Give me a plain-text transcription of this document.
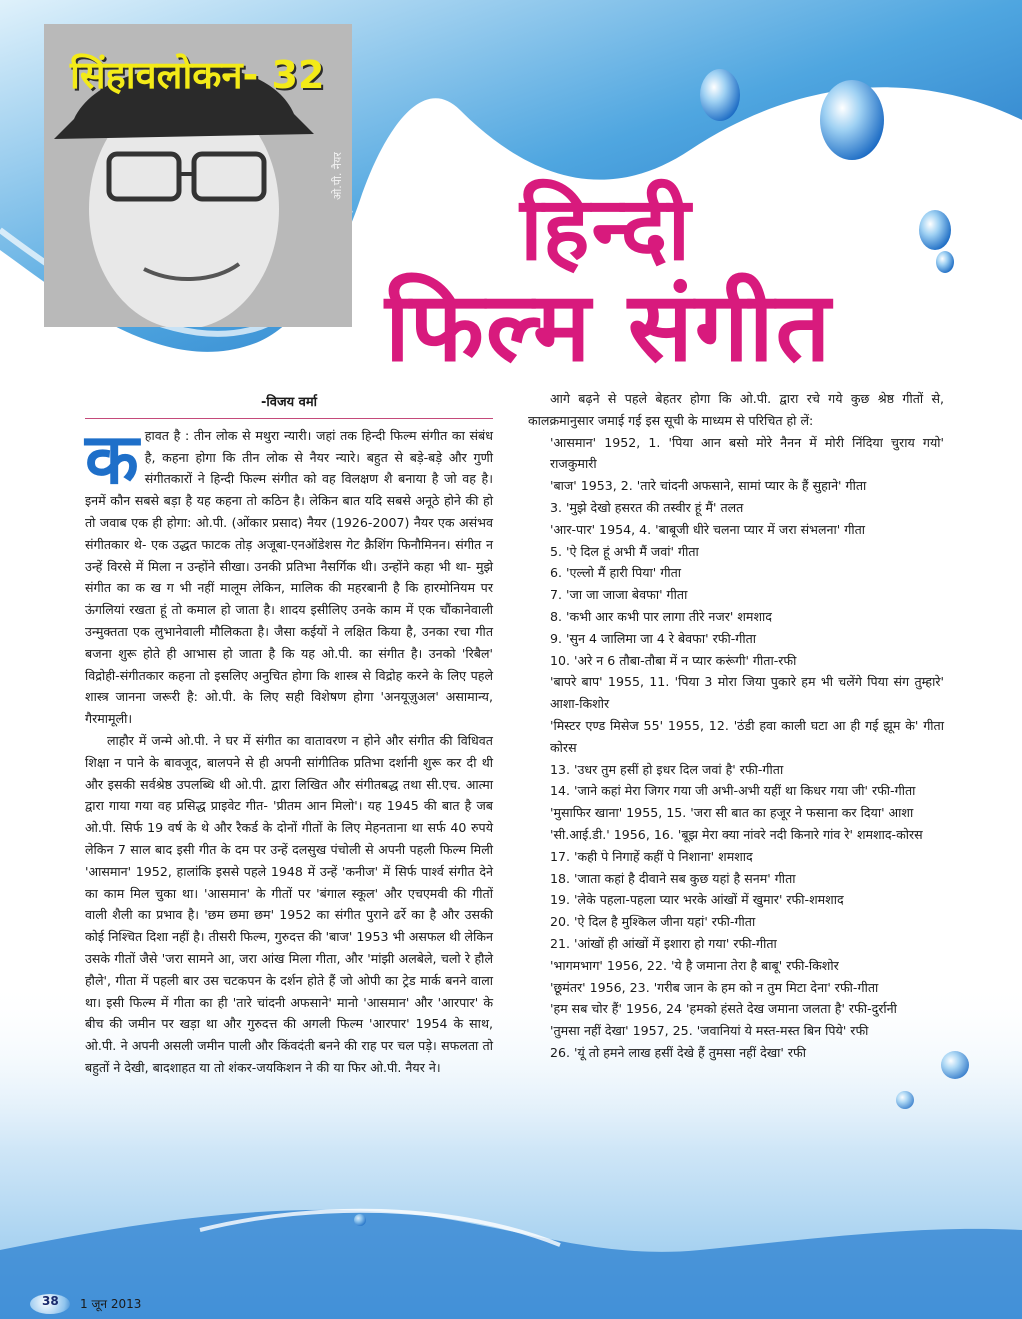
ओ.पी. नैयर
सिंहावलोकन- 32
हिन्दी
फिल्म संगीत

-विजय वर्मा

कहावत है : तीन लोक से मथुरा न्यारी। जहां तक हिन्दी फिल्म संगीत का संबंध है, कहना होगा कि तीन लोक से नैयर न्यारे। बहुत से बड़े-बड़े और गुणी संगीतकारों ने हिन्दी फिल्म संगीत को वह विलक्षण शै बनाया है जो वह है। इनमें कौन सबसे बड़ा है यह कहना तो कठिन है। लेकिन बात यदि सबसे अनूठे होने की हो तो जवाब एक ही होगा: ओ.पी. (ओंकार प्रसाद) नैयर (1926-2007) नैयर एक असंभव संगीतकार थे- एक उद्धत फाटक तोड़ अजूबा-एनऑडेशस गेट क्रैशिंग फिनौमिनन। संगीत न उन्हें विरसे में मिला न उन्होंने सीखा। उनकी प्रतिभा नैसर्गिक थी। उन्होंने कहा भी था- मुझे संगीत का क ख ग भी नहीं मालूम लेकिन, मालिक की महरबानी है कि हारमोनियम पर ऊंगलियां रखता हूं तो कमाल हो जाता है। शादय इसीलिए उनके काम में एक चौंकानेवाली उन्मुक्तता एक लुभानेवाली मौलिकता है। जैसा कईयों ने लक्षित किया है, उनका रचा गीत बजना शुरू होते ही आभास हो जाता है कि यह ओ.पी. का संगीत है। उनको 'रिबैल' विद्रोही-संगीतकार कहना तो इसलिए अनुचित होगा कि शास्त्र से विद्रोह करने के लिए पहले शास्त्र जानना जरूरी है: ओ.पी. के लिए सही विशेषण होगा 'अनयूज़ुअल' असामान्य, गैरमामूली।

लाहौर में जन्मे ओ.पी. ने घर में संगीत का वातावरण न होने और संगीत की विधिवत शिक्षा न पाने के बावजूद, बालपने से ही अपनी सांगीतिक प्रतिभा दर्शानी शुरू कर दी थी और इसकी सर्वश्रेष्ठ उपलब्धि थी ओ.पी. द्वारा लिखित और संगीतबद्ध तथा सी.एच. आत्मा द्वारा गाया गया वह प्रसिद्ध प्राइवेट गीत- 'प्रीतम आन मिलो'। यह 1945 की बात है जब ओ.पी. सिर्फ 19 वर्ष के थे और रैकर्ड के दोनों गीतों के लिए मेहनताना था सर्फ 40 रुपये लेकिन 7 साल बाद इसी गीत के दम पर उन्हें दलसुख पंचोली से अपनी पहली फिल्म मिली 'आसमान' 1952, हालांकि इससे पहले 1948 में उन्हें 'कनीज' में सिर्फ पार्श्व संगीत देने का काम मिल चुका था। 'आसमान' के गीतों पर 'बंगाल स्कूल' और एचएमवी की गीतों वाली शैली का प्रभाव है। 'छम छमा छम' 1952 का संगीत पुराने ढर्रे का है और उसकी कोई निश्चित दिशा नहीं है। तीसरी फिल्म, गुरुदत्त की 'बाज' 1953 भी असफल थी लेकिन उसके गीतों जैसे 'जरा सामने आ, जरा आंख मिला गीता, और 'मांझी अलबेले, चलो रे हौले हौले', गीता में पहली बार उस चटकपन के दर्शन होते हैं जो ओपी का ट्रेड मार्क बनने वाला था। इसी फिल्म में गीता का ही 'तारे चांदनी अफसाने' मानो 'आसमान' और 'आरपार' के बीच की जमीन पर खड़ा था और गुरुदत्त की अगली फिल्म 'आरपार' 1954 के साथ, ओ.पी. ने अपनी असली जमीन पाली और किंवदंती बनने की राह पर चल पड़े। सफलता तो बहुतों ने देखी, बादशाहत या तो शंकर-जयकिशन ने की या फिर ओ.पी. नैयर ने।

आगे बढ़ने से पहले बेहतर होगा कि ओ.पी. द्वारा रचे गये कुछ श्रेष्ठ गीतों से, कालक्रमानुसार जमाई गई इस सूची के माध्यम से परिचित हो लें:

'आसमान' 1952, 1. 'पिया आन बसो मोरे नैनन में मोरी निंदिया चुराय गयो' राजकुमारी

'बाज' 1953, 2. 'तारे चांदनी अफसाने, सामां प्यार के हैं सुहाने' गीता

3. 'मुझे देखो हसरत की तस्वीर हूं मैं' तलत

'आर-पार' 1954, 4. 'बाबूजी धीरे चलना प्यार में जरा संभलना' गीता

5. 'ऐ दिल हूं अभी मैं जवां' गीता

6. 'एल्लो मैं हारी पिया' गीता

7. 'जा जा जाजा बेवफा' गीता

8. 'कभी आर कभी पार लागा तीरे नजर' शमशाद

9. 'सुन 4 जालिमा जा 4 रे बेवफा' रफी-गीता

10. 'अरे न 6 तौबा-तौबा में न प्यार करूंगी' गीता-रफी

'बापरे बाप' 1955, 11. 'पिया 3 मोरा जिया पुकारे हम भी चलेंगे पिया संग तुम्हारे' आशा-किशोर

'मिस्टर एण्ड मिसेज 55' 1955, 12. 'ठंडी हवा काली घटा आ ही गई झूम के' गीता कोरस

13. 'उधर तुम हसीं हो इधर दिल जवां है' रफी-गीता

14. 'जाने कहां मेरा जिगर गया जी अभी-अभी यहीं था किधर गया जी' रफी-गीता

'मुसाफिर खाना' 1955, 15. 'जरा सी बात का हजूर ने फसाना कर दिया' आशा

'सी.आई.डी.' 1956, 16. 'बूझ मेरा क्या नांवरे नदी किनारे गांव रे' शमशाद-कोरस

17. 'कही पे निगाहें कहीं पे निशाना' शमशाद

18. 'जाता कहां है दीवाने सब कुछ यहां है सनम' गीता

19. 'लेके पहला-पहला प्यार भरके आंखों में खुमार' रफी-शमशाद

20. 'ऐ दिल है मुश्किल जीना यहां' रफी-गीता

21. 'आंखों ही आंखों में इशारा हो गया' रफी-गीता

'भागमभाग' 1956, 22. 'ये है जमाना तेरा है बाबू' रफी-किशोर

'छूमंतर' 1956, 23. 'गरीब जान के हम को न तुम मिटा देना' रफी-गीता

'हम सब चोर हैं' 1956, 24 'हमको हंसते देख जमाना जलता है' रफी-दुर्रानी

'तुमसा नहीं देखा' 1957, 25. 'जवानियां ये मस्त-मस्त बिन पिये' रफी

26. 'यूं तो हमने लाख हसीं देखे हैं तुमसा नहीं देखा' रफी

38 1 जून 2013
